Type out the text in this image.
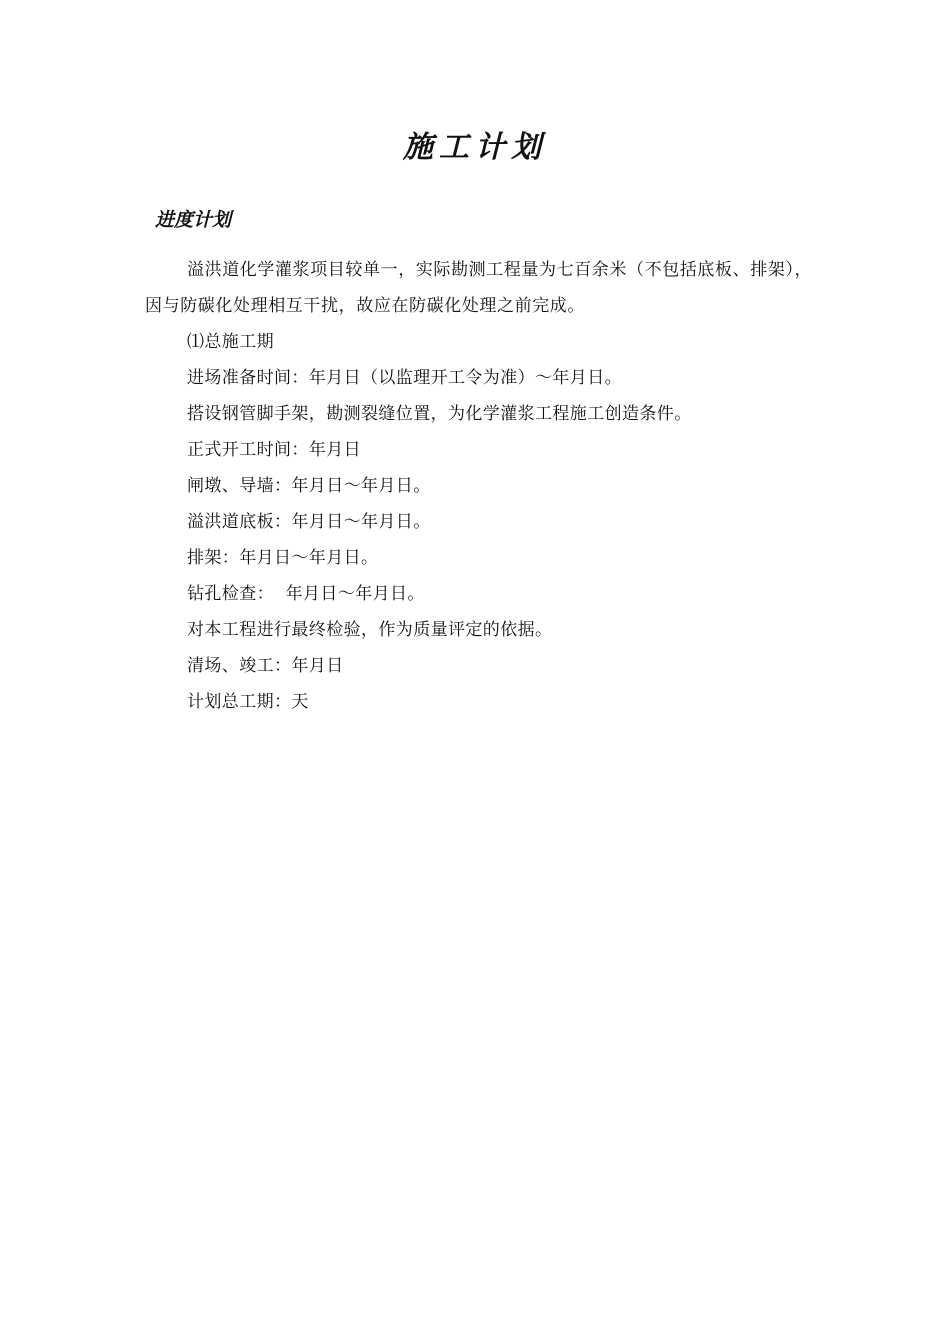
施工计划
进度计划
溢洪道化学灌浆项目较单一，实际勘测工程量为七百余米（不包括底板、排架），因与防碳化处理相互干扰，故应在防碳化处理之前完成。
⑴总施工期
进场准备时间：年月日（以监理开工令为准）～年月日。
搭设钢管脚手架，勘测裂缝位置，为化学灌浆工程施工创造条件。
正式开工时间：年月日
闸墩、导墙：年月日～年月日。
溢洪道底板：年月日～年月日。
排架：年月日～年月日。
钻孔检查：  年月日～年月日。
对本工程进行最终检验，作为质量评定的依据。
清场、竣工：年月日
计划总工期：天
